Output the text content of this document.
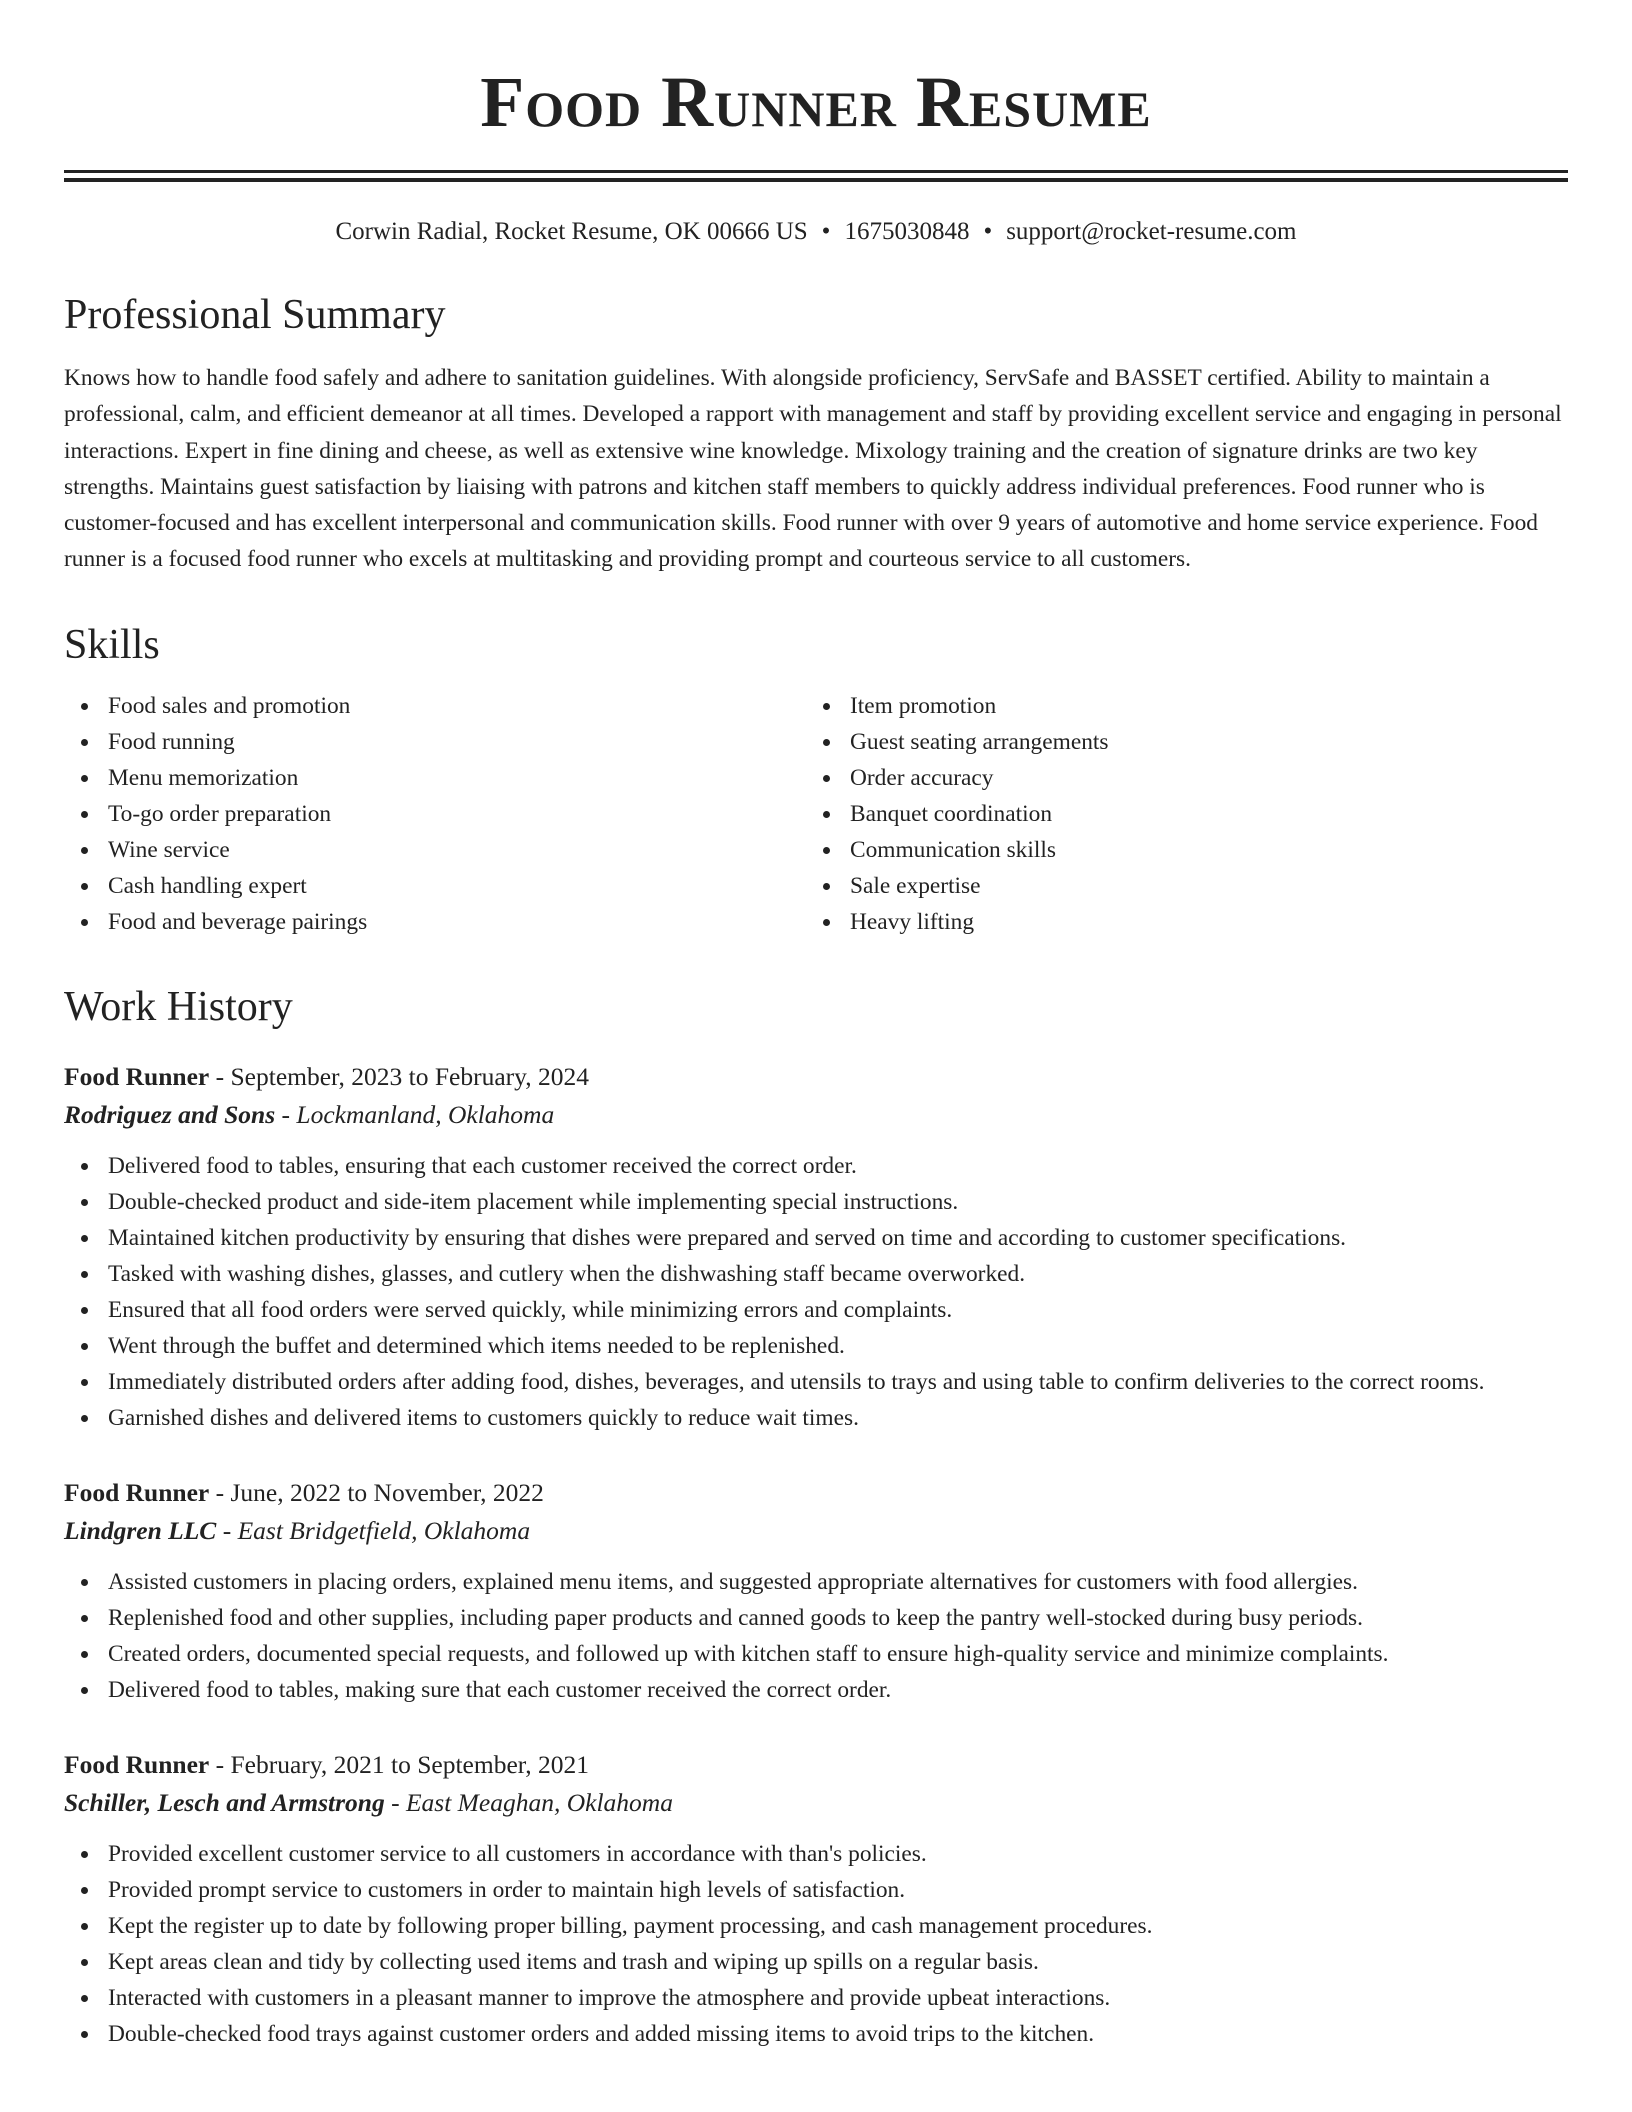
Food Runner Resume
Corwin Radial, Rocket Resume, OK 00666 US • 1675030848 • support@rocket-resume.com
Professional Summary

Knows how to handle food safely and adhere to sanitation guidelines. With alongside proficiency, ServSafe and BASSET certified. Ability to maintain a professional, calm, and efficient demeanor at all times. Developed a rapport with management and staff by providing excellent service and engaging in personal interactions. Expert in fine dining and cheese, as well as extensive wine knowledge. Mixology training and the creation of signature drinks are two key strengths. Maintains guest satisfaction by liaising with patrons and kitchen staff members to quickly address individual preferences. Food runner who is customer-focused and has excellent interpersonal and communication skills. Food runner with over 9 years of automotive and home service experience. Food runner is a focused food runner who excels at multitasking and providing prompt and courteous service to all customers.

Skills
Food sales and promotion
Food running
Menu memorization
To-go order preparation
Wine service
Cash handling expert
Food and beverage pairings
Item promotion
Guest seating arrangements
Order accuracy
Banquet coordination
Communication skills
Sale expertise
Heavy lifting
Work History
Food Runner - September, 2023 to February, 2024
Rodriguez and Sons - Lockmanland, Oklahoma
Delivered food to tables, ensuring that each customer received the correct order.
Double-checked product and side-item placement while implementing special instructions.
Maintained kitchen productivity by ensuring that dishes were prepared and served on time and according to customer specifications.
Tasked with washing dishes, glasses, and cutlery when the dishwashing staff became overworked.
Ensured that all food orders were served quickly, while minimizing errors and complaints.
Went through the buffet and determined which items needed to be replenished.
Immediately distributed orders after adding food, dishes, beverages, and utensils to trays and using table to confirm deliveries to the correct rooms.
Garnished dishes and delivered items to customers quickly to reduce wait times.
Food Runner - June, 2022 to November, 2022
Lindgren LLC - East Bridgetfield, Oklahoma
Assisted customers in placing orders, explained menu items, and suggested appropriate alternatives for customers with food allergies.
Replenished food and other supplies, including paper products and canned goods to keep the pantry well-stocked during busy periods.
Created orders, documented special requests, and followed up with kitchen staff to ensure high-quality service and minimize complaints.
Delivered food to tables, making sure that each customer received the correct order.
Food Runner - February, 2021 to September, 2021
Schiller, Lesch and Armstrong - East Meaghan, Oklahoma
Provided excellent customer service to all customers in accordance with than's policies.
Provided prompt service to customers in order to maintain high levels of satisfaction.
Kept the register up to date by following proper billing, payment processing, and cash management procedures.
Kept areas clean and tidy by collecting used items and trash and wiping up spills on a regular basis.
Interacted with customers in a pleasant manner to improve the atmosphere and provide upbeat interactions.
Double-checked food trays against customer orders and added missing items to avoid trips to the kitchen.
